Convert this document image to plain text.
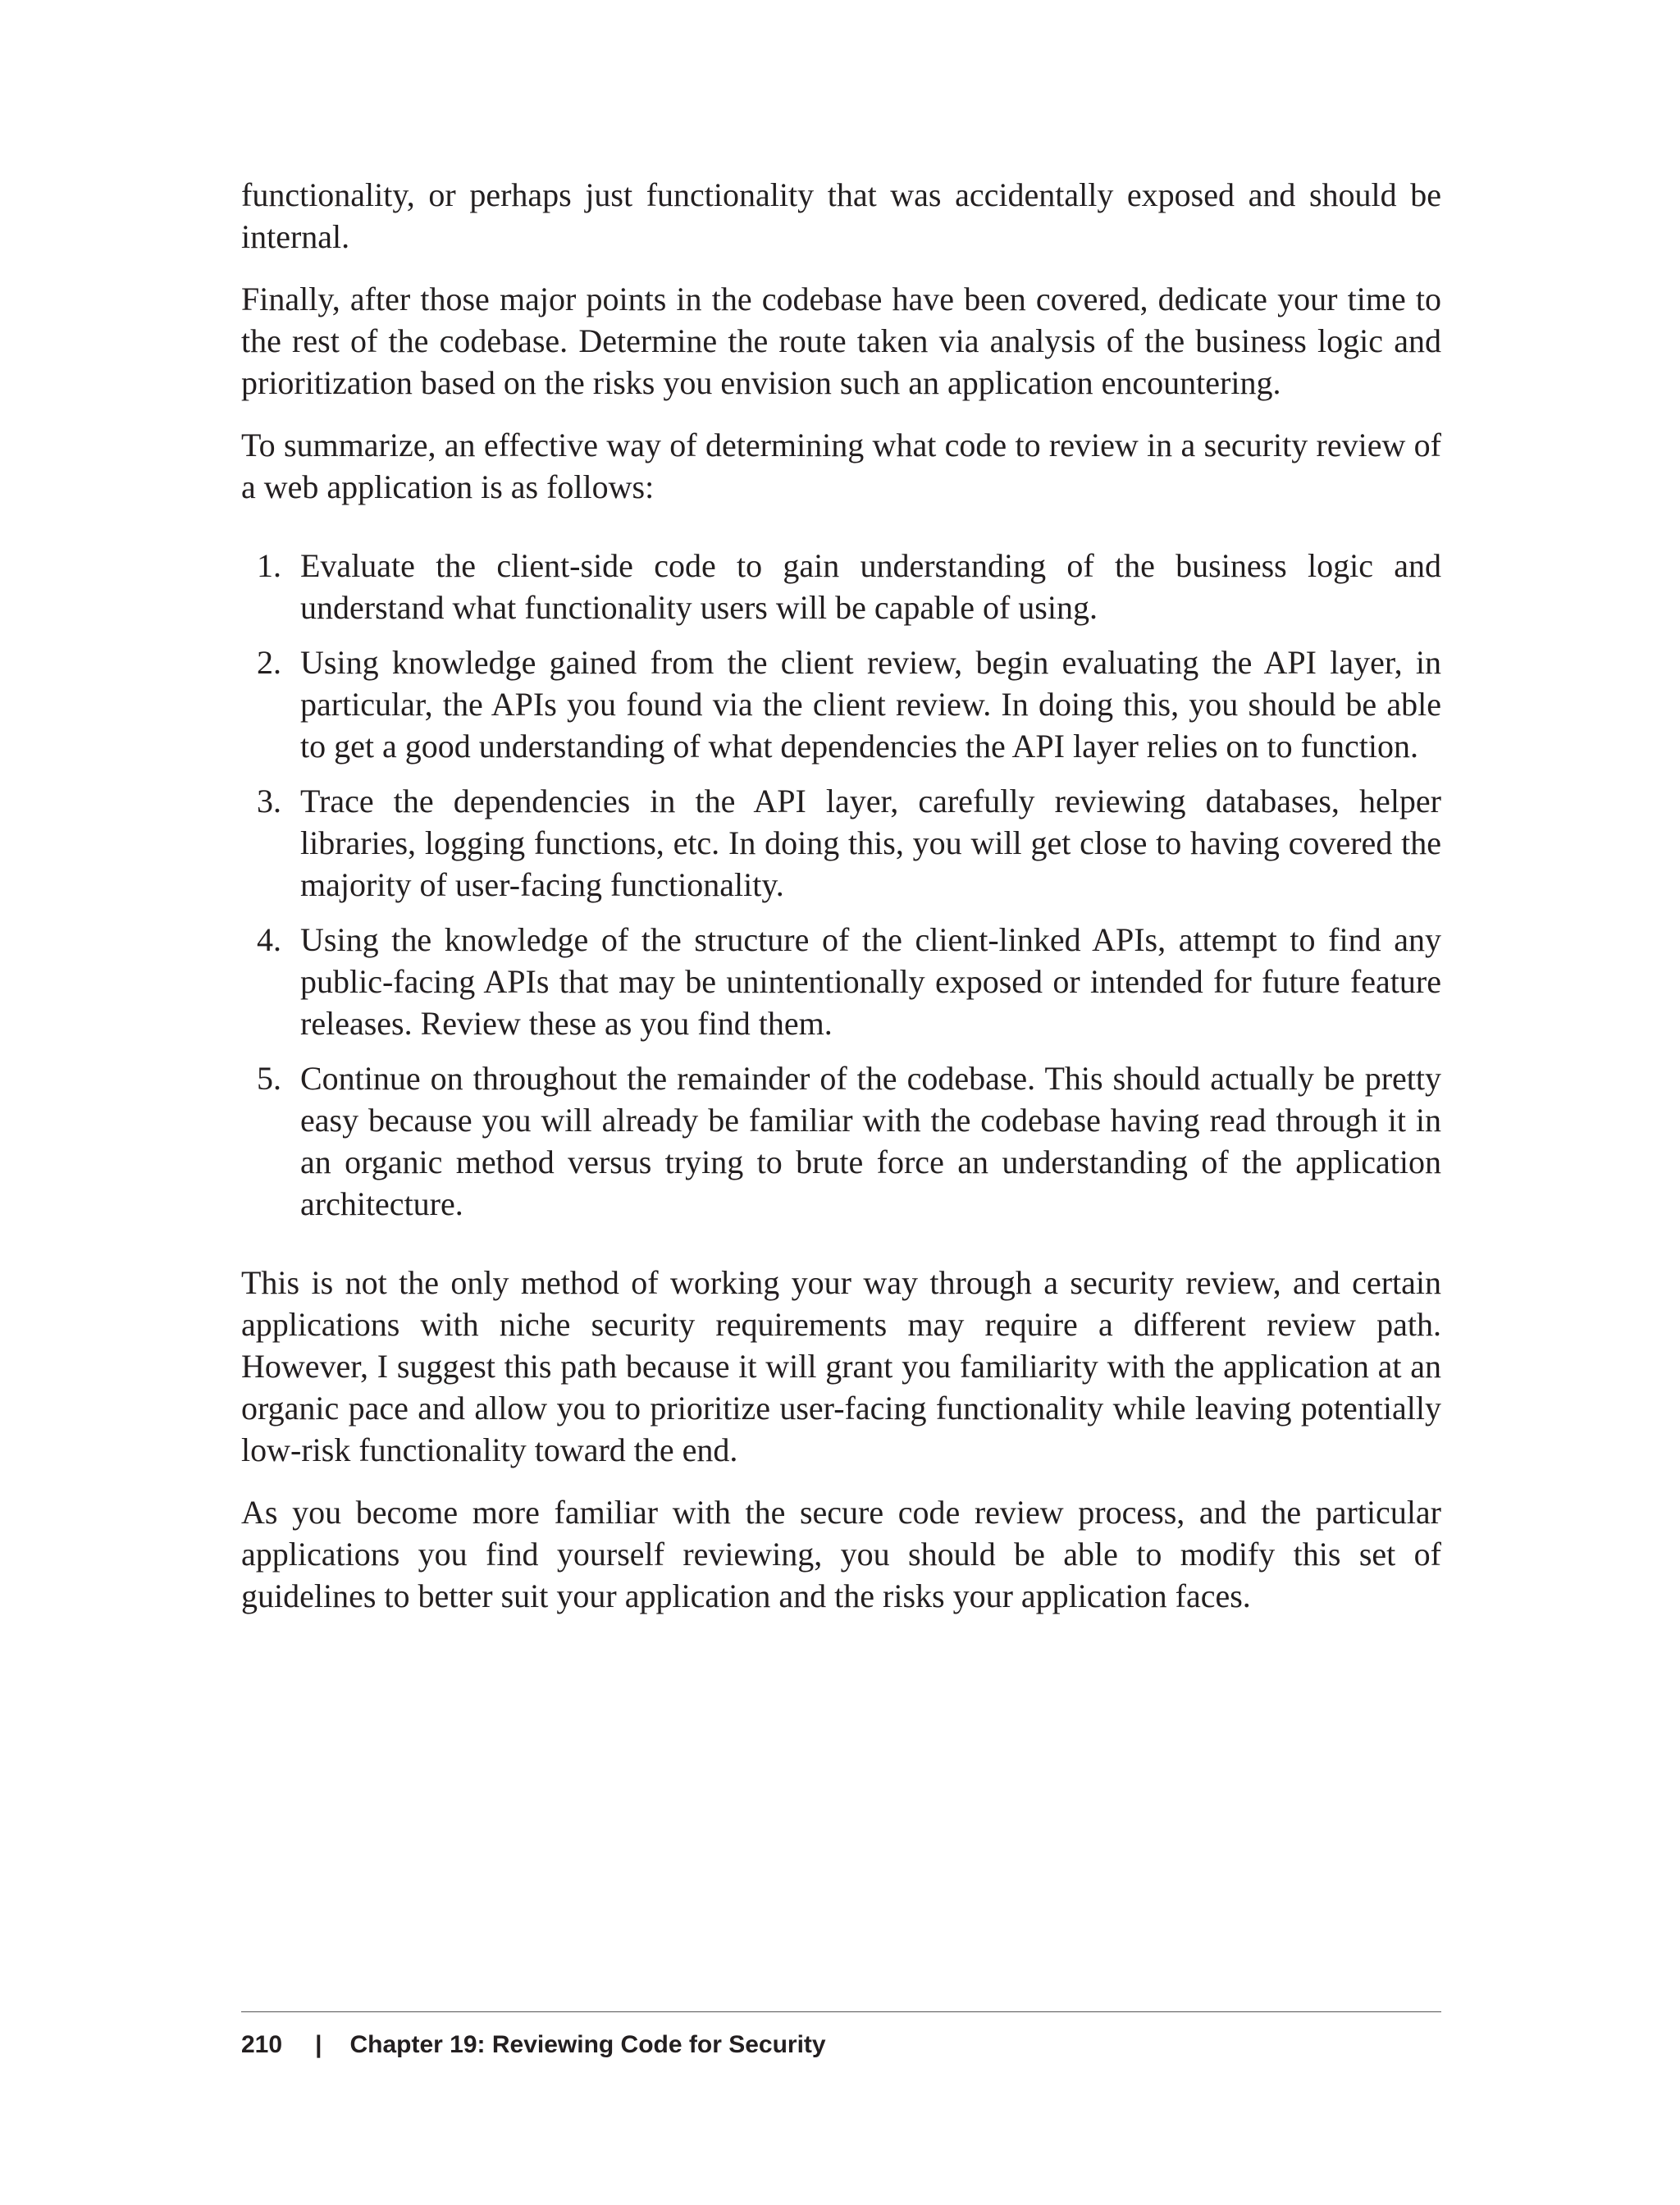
functionality, or perhaps just functionality that was accidentally exposed and should be internal.

Finally, after those major points in the codebase have been covered, dedicate your time to the rest of the codebase. Determine the route taken via analysis of the business logic and prioritization based on the risks you envision such an application encountering.

To summarize, an effective way of determining what code to review in a security review of a web application is as follows:

1. Evaluate the client-side code to gain understanding of the business logic and understand what functionality users will be capable of using.
2. Using knowledge gained from the client review, begin evaluating the API layer, in particular, the APIs you found via the client review. In doing this, you should be able to get a good understanding of what dependencies the API layer relies on to function.
3. Trace the dependencies in the API layer, carefully reviewing databases, helper libraries, logging functions, etc. In doing this, you will get close to having covered the majority of user-facing functionality.
4. Using the knowledge of the structure of the client-linked APIs, attempt to find any public-facing APIs that may be unintentionally exposed or intended for future feature releases. Review these as you find them.
5. Continue on throughout the remainder of the codebase. This should actually be pretty easy because you will already be familiar with the codebase having read through it in an organic method versus trying to brute force an understanding of the application architecture.

This is not the only method of working your way through a security review, and certain applications with niche security requirements may require a different review path. However, I suggest this path because it will grant you familiarity with the application at an organic pace and allow you to prioritize user-facing functionality while leaving potentially low-risk functionality toward the end.

As you become more familiar with the secure code review process, and the particular applications you find yourself reviewing, you should be able to modify this set of guidelines to better suit your application and the risks your application faces.

210 | Chapter 19: Reviewing Code for Security
